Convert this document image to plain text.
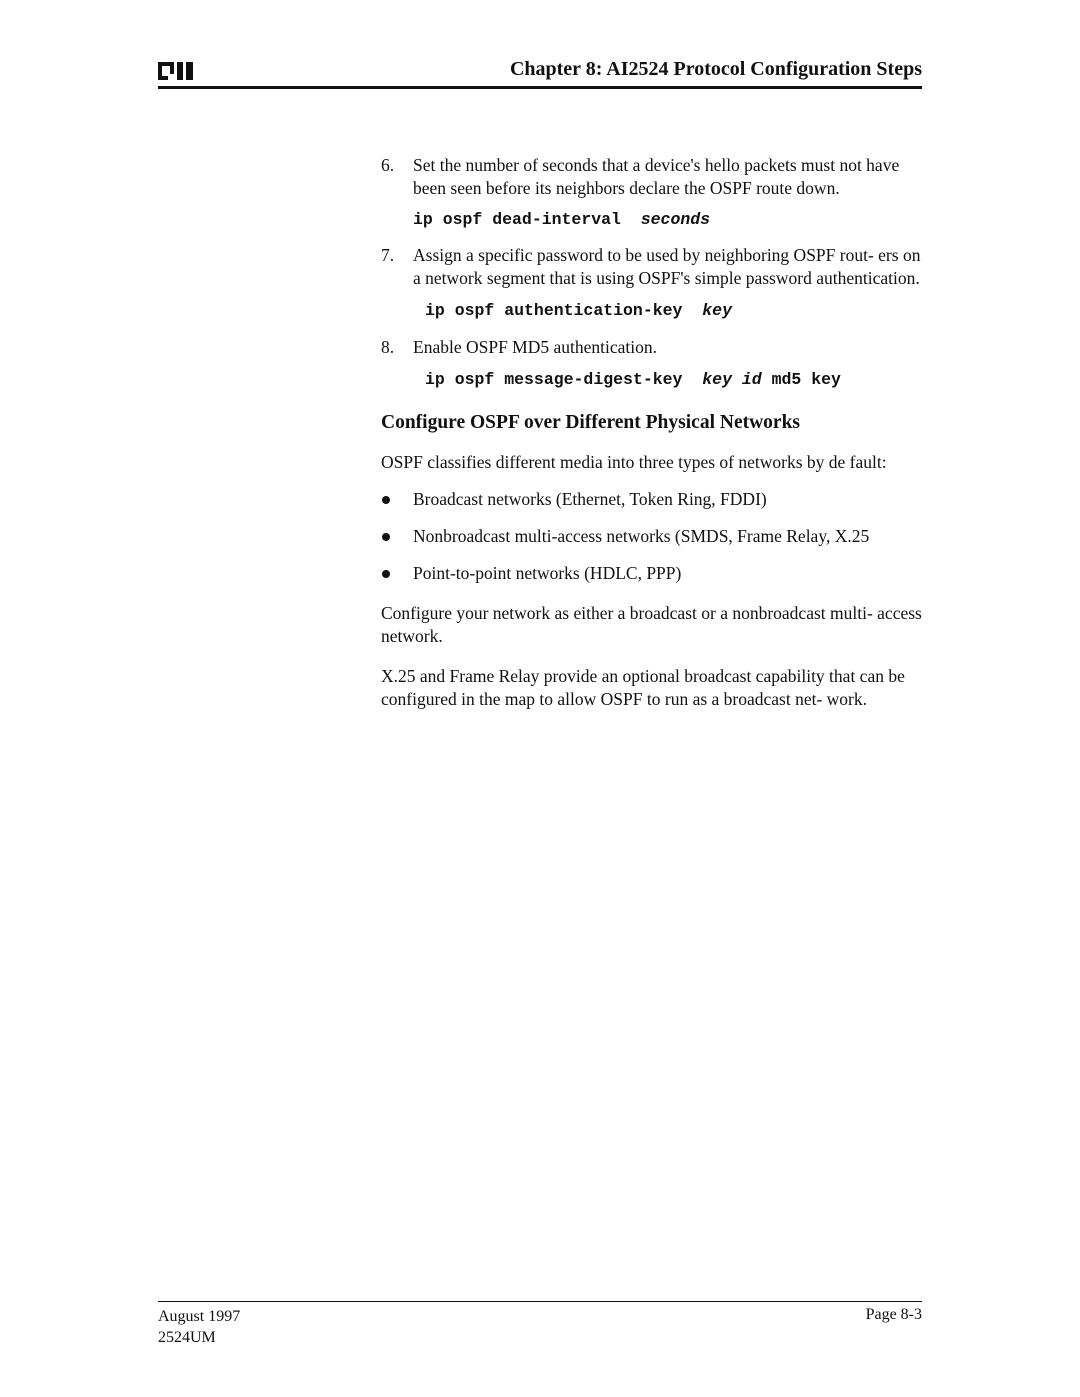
Chapter 8: AI2524 Protocol Configuration Steps
6.	Set the number of seconds that a device's hello packets must not have been seen before its neighbors declare the OSPF route down.
ip ospf dead-interval seconds
7.	Assign a specific password to be used by neighboring OSPF rout- ers on a network segment that is using OSPF's simple password authentication.
ip ospf authentication-key key
8.	Enable OSPF MD5 authentication.
ip ospf message-digest-key key id md5 key
Configure OSPF over Different Physical Networks

OSPF classifies different media into three types of networks by de fault:

Broadcast networks (Ethernet, Token Ring, FDDI)
Nonbroadcast multi-access networks (SMDS, Frame Relay, X.25
Point-to-point networks (HDLC, PPP)

Configure your network as either a broadcast or a nonbroadcast multi- access network.

X.25 and Frame Relay provide an optional broadcast capability that can be configured in the map to allow OSPF to run as a broadcast net- work.

August 1997
2524UM
Page 8-3
